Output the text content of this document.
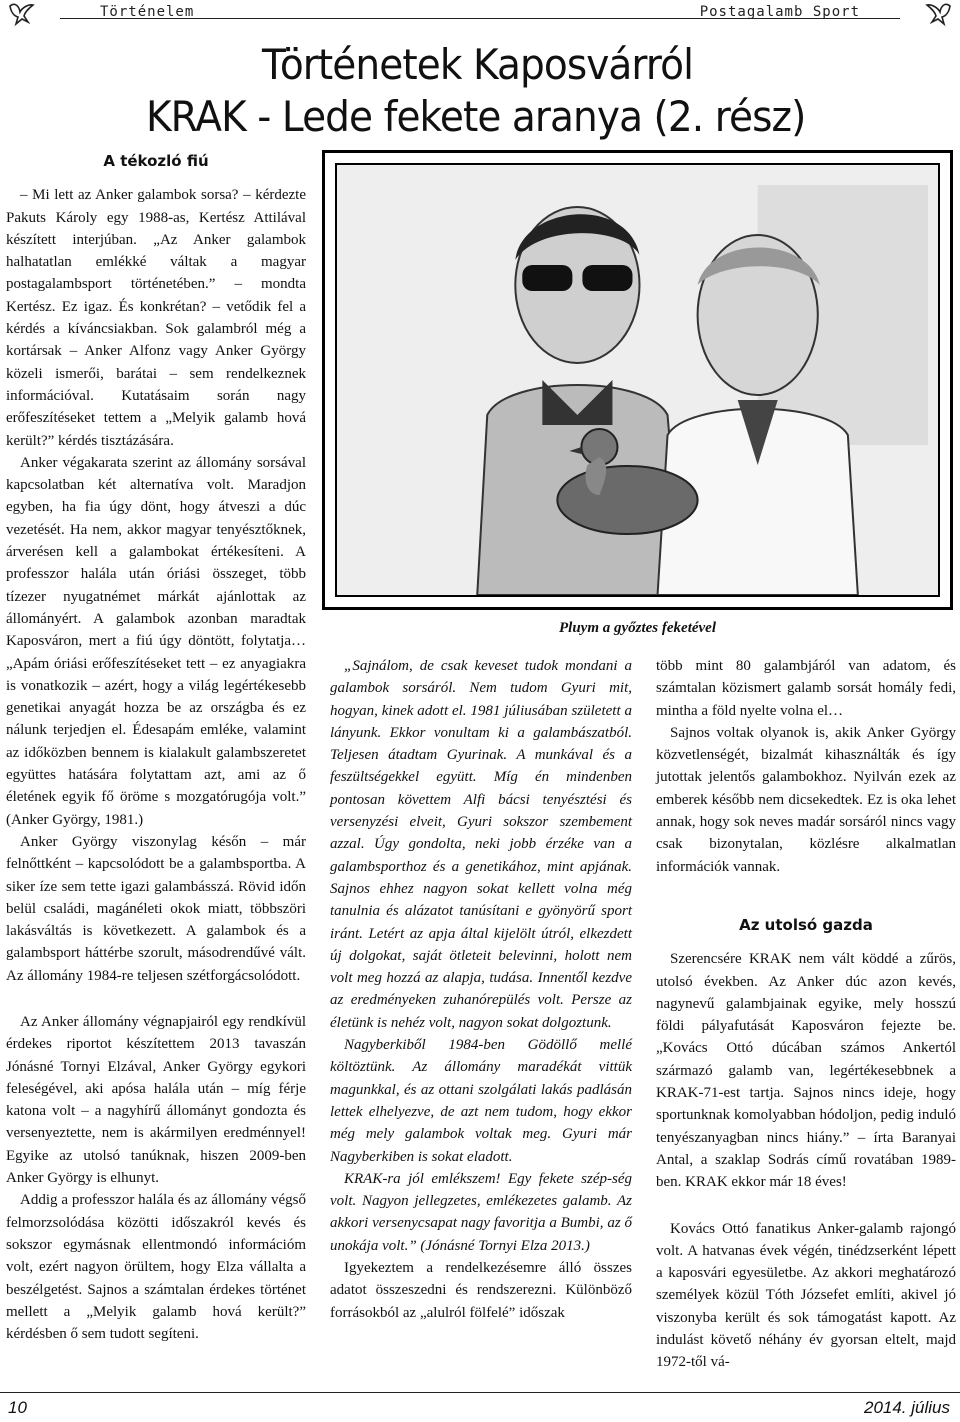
Történelem	Postagalamb Sport
Történetek Kaposvárról
KRAK - Lede fekete aranya (2. rész)
A tékozló fiú

– Mi lett az Anker galambok sorsa? – kérdezte Pakuts Károly egy 1988-as, Kertész Attilával készített interjúban. „Az Anker galambok halhatatlan emlékké váltak a magyar postagalambsport történetében.” – mondta Kertész. Ez igaz. És konkrétan? – vetődik fel a kérdés a kíváncsiakban. Sok galambról még a kortársak – Anker Alfonz vagy Anker György közeli ismerői, barátai – sem rendelkeznek információval. Kutatásaim során nagy erőfeszítéseket tettem a „Melyik galamb hová került?” kérdés tisztázására.

Anker végakarata szerint az állomány sorsával kapcsolatban két alternatíva volt. Maradjon egyben, ha fia úgy dönt, hogy átveszi a dúc vezetését. Ha nem, akkor magyar tenyésztőknek, árverésen kell a galambokat értékesíteni. A professzor halála után óriási összeget, több tízezer nyugatnémet márkát ajánlottak az állományért. A galambok azonban maradtak Kaposváron, mert a fiú úgy döntött, folytatja… „Apám óriási erőfeszítéseket tett – ez anyagiakra is vonatkozik – azért, hogy a világ legértékesebb genetikai anyagát hozza be az országba és ez nálunk terjedjen el. Édesapám emléke, valamint az időközben bennem is kialakult galambszeretet együttes hatására folytattam azt, ami az ő életének egyik fő öröme s mozgatórugója volt.” (Anker György, 1981.)

Anker György viszonylag későn – már felnőttként – kapcsolódott be a galambsportba. A siker íze sem tette igazi galambásszá. Rövid időn belül családi, magánéleti okok miatt, többszöri lakásváltás is következett. A galambok és a galambsport háttérbe szorult, másodrendűvé vált. Az állomány 1984-re teljesen szétforgácsolódott.

Az Anker állomány végnapjairól egy rendkívül érdekes riportot készítettem 2013 tavaszán Jónásné Tornyi Elzával, Anker György egykori feleségével, aki apósa halála után – míg férje katona volt – a nagyhírű állományt gondozta és versenyeztette, nem is akármilyen eredménnyel! Egyike az utolsó tanúknak, hiszen 2009-ben Anker György is elhunyt.

Addig a professzor halála és az állomány végső felmorzsolódása közötti időszakról kevés és sokszor egymásnak ellentmondó információm volt, ezért nagyon örültem, hogy Elza vállalta a beszélgetést. Sajnos a számtalan érdekes történet mellett a „Melyik galamb hová került?” kérdésben ő sem tudott segíteni.

Pluym a győztes feketével

„Sajnálom, de csak keveset tudok mondani a galambok sorsáról. Nem tudom Gyuri mit, hogyan, kinek adott el. 1981 júliusában született a lányunk. Ekkor vonultam ki a galambászatból. Teljesen átadtam Gyurinak. A munkával és a feszültségekkel együtt. Míg én mindenben pontosan követtem Alfi bácsi tenyésztési és versenyzési elveit, Gyuri sokszor szembement azzal. Úgy gondolta, neki jobb érzéke van a galambsporthoz és a genetikához, mint apjának. Sajnos ehhez nagyon sokat kellett volna még tanulnia és alázatot tanúsítani e gyönyörű sport iránt. Letért az apja által kijelölt útról, elkezdett új dolgokat, saját ötleteit belevinni, holott nem volt meg hozzá az alapja, tudása. Innentől kezdve az eredményeken zuhanórepülés volt. Persze az életünk is nehéz volt, nagyon sokat dolgoztunk.

Nagyberkiből 1984-ben Gödöllő mellé költöztünk. Az állomány maradékát vittük magunkkal, és az ottani szolgálati lakás padlásán lettek elhelyezve, de azt nem tudom, hogy ekkor még mely galambok voltak meg. Gyuri már Nagyberkiben is sokat eladott.

KRAK-ra jól emlékszem! Egy fekete szép-ség volt. Nagyon jellegzetes, emlékezetes galamb. Az akkori versenycsapat nagy favoritja a Bumbi, az ő unokája volt.” (Jónásné Tornyi Elza 2013.)

Igyekeztem a rendelkezésemre álló összes adatot összeszedni és rendszerezni. Különböző forrásokból az „alulról fölfelé” időszak

több mint 80 galambjáról van adatom, és számtalan közismert galamb sorsát homály fedi, mintha a föld nyelte volna el…

Sajnos voltak olyanok is, akik Anker György közvetlenségét, bizalmát kihasználták és így jutottak jelentős galambokhoz. Nyilván ezek az emberek később nem dicsekedtek. Ez is oka lehet annak, hogy sok neves madár sorsáról nincs vagy csak bizonytalan, közlésre alkalmatlan információk vannak.

Az utolsó gazda

Szerencsére KRAK nem vált köddé a zűrös, utolsó években. Az Anker dúc azon kevés, nagynevű galambjainak egyike, mely hosszú földi pályafutását Kaposváron fejezte be. „Kovács Ottó dúcában számos Ankertól származó galamb van, legértékesebbnek a KRAK-71-est tartja. Sajnos nincs ideje, hogy sportunknak komolyabban hódoljon, pedig induló tenyészanyagban nincs hiány.” – írta Baranyai Antal, a szaklap Sodrás című rovatában 1989-ben. KRAK ekkor már 18 éves!

Kovács Ottó fanatikus Anker-galamb rajongó volt. A hatvanas évek végén, tinédzserként lépett a kaposvári egyesületbe. Az akkori meghatározó személyek közül Tóth Józsefet említi, akivel jó viszonyba került és sok támogatást kapott. Az indulást követő néhány év gyorsan eltelt, majd 1972-től vá-

10	2014. július
